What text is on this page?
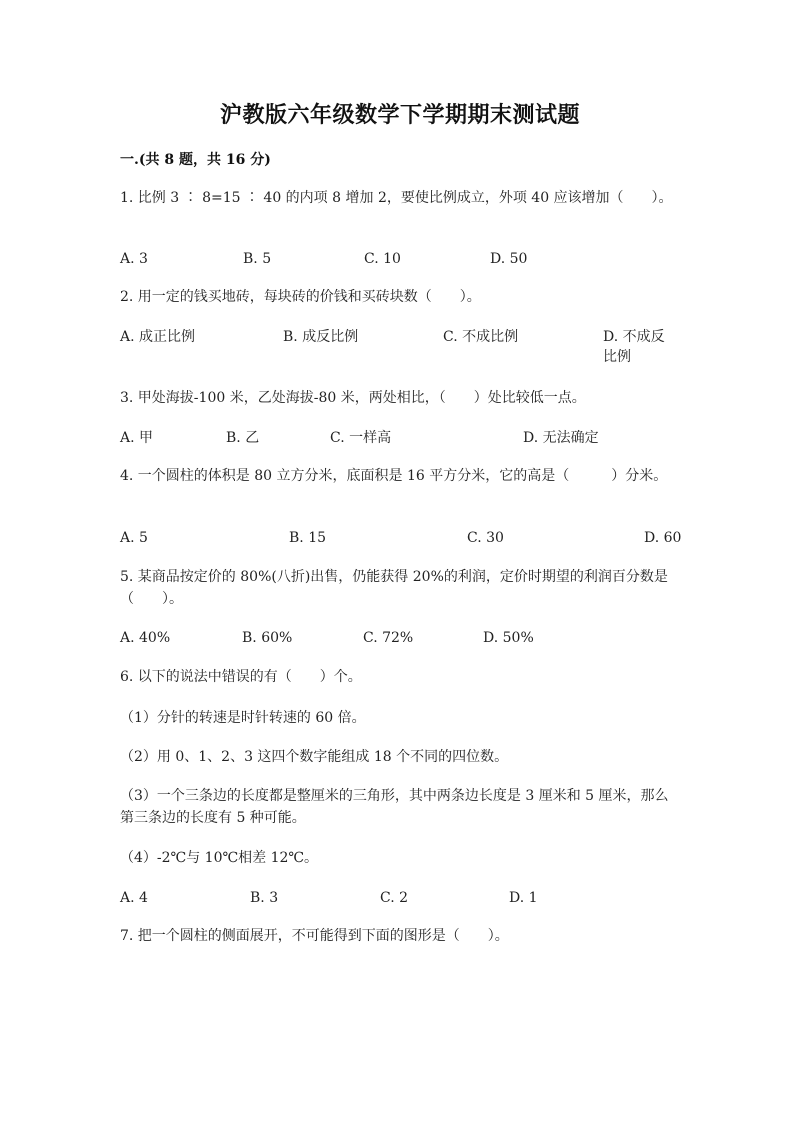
沪教版六年级数学下学期期末测试题
一.(共 8 题，共 16 分)
1. 比例 3 ∶ 8=15 ∶ 40 的内项 8 增加 2，要使比例成立，外项 40 应该增加（　　）。
A. 3	B. 5	C. 10	D. 50
2. 用一定的钱买地砖，每块砖的价钱和买砖块数（　　）。
A. 成正比例	B. 成反比例	C. 不成比例	D. 不成反比例
3. 甲处海拔-100 米，乙处海拔-80 米，两处相比，（　　）处比较低一点。
A. 甲	B. 乙	C. 一样高	D. 无法确定
4. 一个圆柱的体积是 80 立方分米，底面积是 16 平方分米，它的高是（　　　）分米。
A. 5	B. 15	C. 30	D. 60
5. 某商品按定价的 80%(八折)出售，仍能获得 20%的利润，定价时期望的利润百分数是（　　）。
A. 40%	B. 60%	C. 72%	D. 50%
6. 以下的说法中错误的有（　　）个。
（1）分针的转速是时针转速的 60 倍。
（2）用 0、1、2、3 这四个数字能组成 18 个不同的四位数。
（3）一个三条边的长度都是整厘米的三角形，其中两条边长度是 3 厘米和 5 厘米，那么第三条边的长度有 5 种可能。
（4）-2℃与 10℃相差 12℃。
A. 4	B. 3	C. 2	D. 1
7. 把一个圆柱的侧面展开，不可能得到下面的图形是（　　）。
